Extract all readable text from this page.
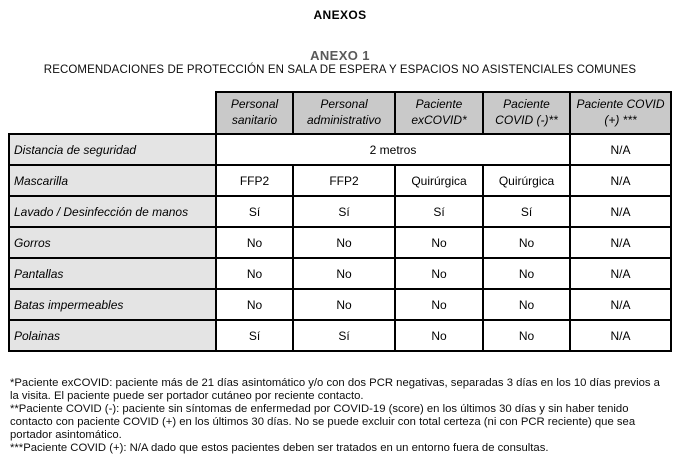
ANEXOS
ANEXO 1
RECOMENDACIONES DE PROTECCIÓN EN SALA DE ESPERA Y ESPACIOS NO ASISTENCIALES COMUNES
	Personal sanitario	Personal administrativo	Paciente exCOVID*	Paciente COVID (-)**	Paciente COVID (+) ***
Distancia de seguridad	2 metros				N/A
Mascarilla	FFP2	FFP2	Quirúrgica	Quirúrgica	N/A
Lavado / Desinfección de manos	Sí	Sí	Sí	Sí	N/A
Gorros	No	No	No	No	N/A
Pantallas	No	No	No	No	N/A
Batas impermeables	No	No	No	No	N/A
Polainas	Sí	Sí	No	No	N/A

*Paciente exCOVID: paciente más de 21 días asintomático y/o con dos PCR negativas, separadas 3 días en los 10 días previos a la visita. El paciente puede ser portador cutáneo por reciente contacto.

**Paciente COVID (-): paciente sin síntomas de enfermedad por COVID-19 (score) en los últimos 30 días y sin haber tenido contacto con paciente COVID (+) en los últimos 30 días. No se puede excluir con total certeza (ni con PCR reciente) que sea portador asintomático.

***Paciente COVID (+): N/A dado que estos pacientes deben ser tratados en un entorno fuera de consultas.
